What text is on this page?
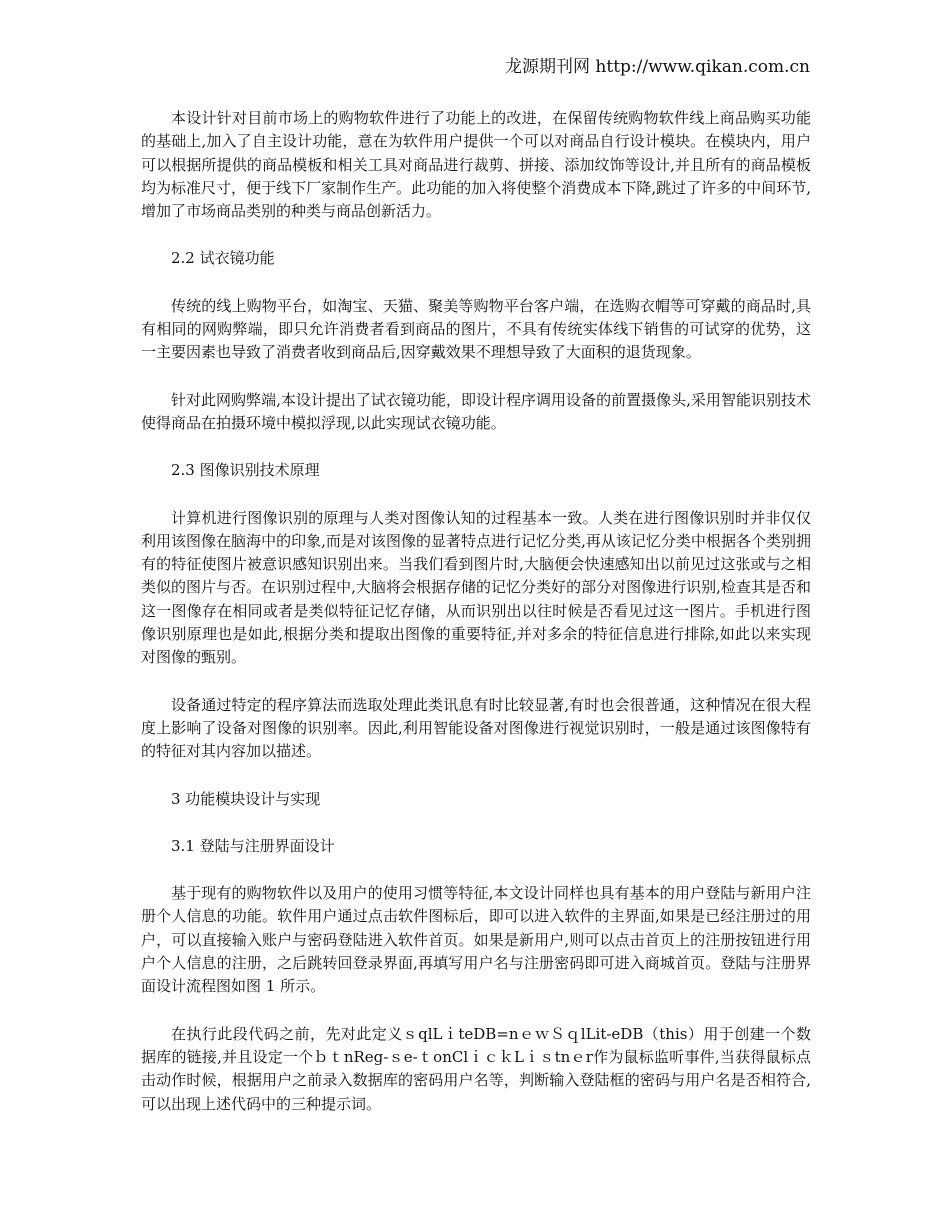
龙源期刊网 http://www.qikan.com.cn

本设计针对目前市场上的购物软件进行了功能上的改进，在保留传统购物软件线上商品购买功能的基础上,加入了自主设计功能，意在为软件用户提供一个可以对商品自行设计模块。在模块内，用户可以根据所提供的商品模板和相关工具对商品进行裁剪、拼接、添加纹饰等设计,并且所有的商品模板均为标准尺寸，便于线下厂家制作生产。此功能的加入将使整个消费成本下降,跳过了许多的中间环节,增加了市场商品类别的种类与商品创新活力。

2.2 试衣镜功能

传统的线上购物平台，如淘宝、天猫、聚美等购物平台客户端，在选购衣帽等可穿戴的商品时,具有相同的网购弊端，即只允许消费者看到商品的图片，不具有传统实体线下销售的可试穿的优势，这一主要因素也导致了消费者收到商品后,因穿戴效果不理想导致了大面积的退货现象。

针对此网购弊端,本设计提出了试衣镜功能，即设计程序调用设备的前置摄像头,采用智能识别技术使得商品在拍摄环境中模拟浮现,以此实现试衣镜功能。

2.3 图像识别技术原理

计算机进行图像识别的原理与人类对图像认知的过程基本一致。人类在进行图像识别时并非仅仅利用该图像在脑海中的印象,而是对该图像的显著特点进行记忆分类,再从该记忆分类中根据各个类别拥有的特征使图片被意识感知识别出来。当我们看到图片时,大脑便会快速感知出以前见过这张或与之相类似的图片与否。在识别过程中,大脑将会根据存储的记忆分类好的部分对图像进行识别,检查其是否和这一图像存在相同或者是类似特征记忆存储，从而识别出以往时候是否看见过这一图片。手机进行图像识别原理也是如此,根据分类和提取出图像的重要特征,并对多余的特征信息进行排除,如此以来实现对图像的甄别。

设备通过特定的程序算法而选取处理此类讯息有时比较显著,有时也会很普通，这种情况在很大程度上影响了设备对图像的识别率。因此,利用智能设备对图像进行视觉识别时，一般是通过该图像特有的特征对其内容加以描述。

3 功能模块设计与实现

3.1 登陆与注册界面设计

基于现有的购物软件以及用户的使用习惯等特征,本文设计同样也具有基本的用户登陆与新用户注册个人信息的功能。软件用户通过点击软件图标后，即可以进入软件的主界面,如果是已经注册过的用户，可以直接输入账户与密码登陆进入软件首页。如果是新用户,则可以点击首页上的注册按钮进行用户个人信息的注册，之后跳转回登录界面,再填写用户名与注册密码即可进入商城首页。登陆与注册界面设计流程图如图 1 所示。

在执行此段代码之前，先对此定义ｓqlLｉteDB=nｅｗＳｑlLit-eDB（this）用于创建一个数据库的链接,并且设定一个ｂｔnReg-ｓe-ｔonClｉｃｋLｉｓtnｅr作为鼠标监听事件,当获得鼠标点击动作时候，根据用户之前录入数据库的密码用户名等，判断输入登陆框的密码与用户名是否相符合,可以出现上述代码中的三种提示词。
